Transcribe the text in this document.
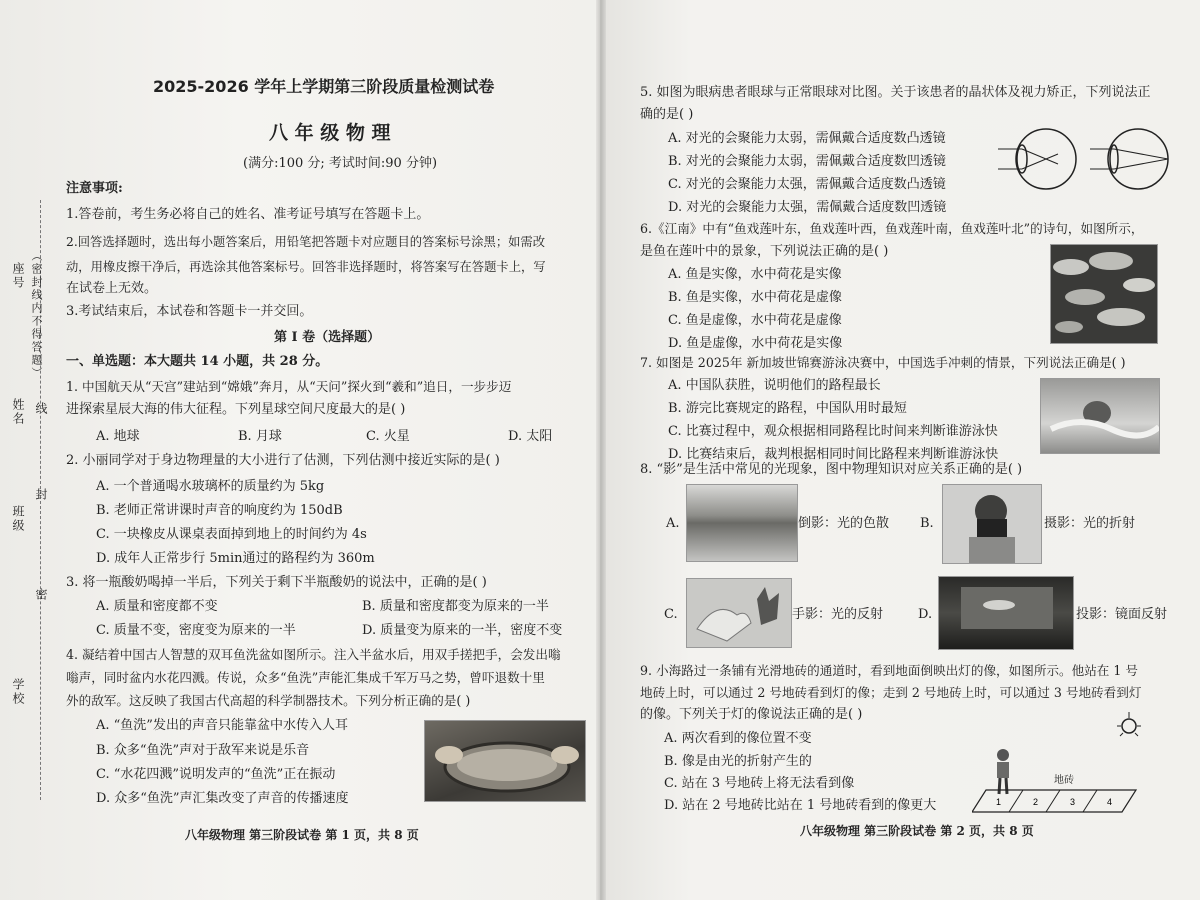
座号 （密封线内不得答题）
姓名 线
班级
封
密
学校
2025-2026 学年上学期第三阶段质量检测试卷
八 年 级 物 理
(满分:100 分; 考试时间:90 分钟)
注意事项:
1.答卷前，考生务必将自己的姓名、准考证号填写在答题卡上。
2.回答选择题时，选出每小题答案后，用铅笔把答题卡对应题目的答案标号涂黑；如需改
动，用橡皮擦干净后，再选涂其他答案标号。回答非选择题时，将答案写在答题卡上，写
在试卷上无效。
3.考试结束后，本试卷和答题卡一并交回。
第 I 卷（选择题）
一、单选题：本大题共 14 小题，共 28 分。
1. 中国航天从“天宫”建站到“嫦娥”奔月，从“天问”探火到“羲和”追日，一步步迈
进探索星辰大海的伟大征程。下列星球空间尺度最大的是( )
A. 地球	B. 月球	C. 火星	D. 太阳
2. 小丽同学对于身边物理量的大小进行了估测，下列估测中接近实际的是( )
A. 一个普通喝水玻璃杯的质量约为 5kg
B. 老师正常讲课时声音的响度约为 150dB
C. 一块橡皮从课桌表面掉到地上的时间约为 4s
D. 成年人正常步行 5min通过的路程约为 360m
3. 将一瓶酸奶喝掉一半后，下列关于剩下半瓶酸奶的说法中，正确的是( )
A. 质量和密度都不变	B. 质量和密度都变为原来的一半
C. 质量不变，密度变为原来的一半	D. 质量变为原来的一半，密度不变
4. 凝结着中国古人智慧的双耳鱼洗盆如图所示。注入半盆水后，用双手搓把手，会发出嗡
嗡声，同时盆内水花四溅。传说，众多“鱼洗”声能汇集成千军万马之势，曾吓退数十里
外的敌军。这反映了我国古代高超的科学制器技术。下列分析正确的是( )
A. “鱼洗”发出的声音只能靠盆中水传入人耳
B. 众多“鱼洗”声对于敌军来说是乐音
C. “水花四溅”说明发声的“鱼洗”正在振动
D. 众多“鱼洗”声汇集改变了声音的传播速度
八年级物理 第三阶段试卷 第 1 页，共 8 页
5. 如图为眼病患者眼球与正常眼球对比图。关于该患者的晶状体及视力矫正，下列说法正
确的是( )
A. 对光的会聚能力太弱，需佩戴合适度数凸透镜
B. 对光的会聚能力太弱，需佩戴合适度数凹透镜
C. 对光的会聚能力太强，需佩戴合适度数凸透镜
D. 对光的会聚能力太强，需佩戴合适度数凹透镜
6.《江南》中有“鱼戏莲叶东，鱼戏莲叶西，鱼戏莲叶南，鱼戏莲叶北”的诗句，如图所示，
是鱼在莲叶中的景象，下列说法正确的是( )
A. 鱼是实像，水中荷花是实像
B. 鱼是实像，水中荷花是虚像
C. 鱼是虚像，水中荷花是虚像
D. 鱼是虚像，水中荷花是实像
7. 如图是 2025年 新加坡世锦赛游泳决赛中，中国选手冲刺的情景，下列说法正确是( )
A. 中国队获胜，说明他们的路程最长
B. 游完比赛规定的路程，中国队用时最短
C. 比赛过程中，观众根据相同路程比时间来判断谁游泳快
D. 比赛结束后，裁判根据相同时间比路程来判断谁游泳快
8. “影”是生活中常见的光现象，图中物理知识对应关系正确的是( )
A.	倒影：光的色散 B.	摄影：光的折射
C.	手影：光的反射	D.	投影：镜面反射
9. 小海路过一条铺有光滑地砖的通道时，看到地面倒映出灯的像，如图所示。他站在 1 号
地砖上时，可以通过 2 号地砖看到灯的像；走到 2 号地砖上时，可以通过 3 号地砖看到灯
的像。下列关于灯的像说法正确的是( )
A. 两次看到的像位置不变
B. 像是由光的折射产生的
C. 站在 3 号地砖上将无法看到像
D. 站在 2 号地砖比站在 1 号地砖看到的像更大
地砖
1	2	3	4
八年级物理 第三阶段试卷 第 2 页，共 8 页
